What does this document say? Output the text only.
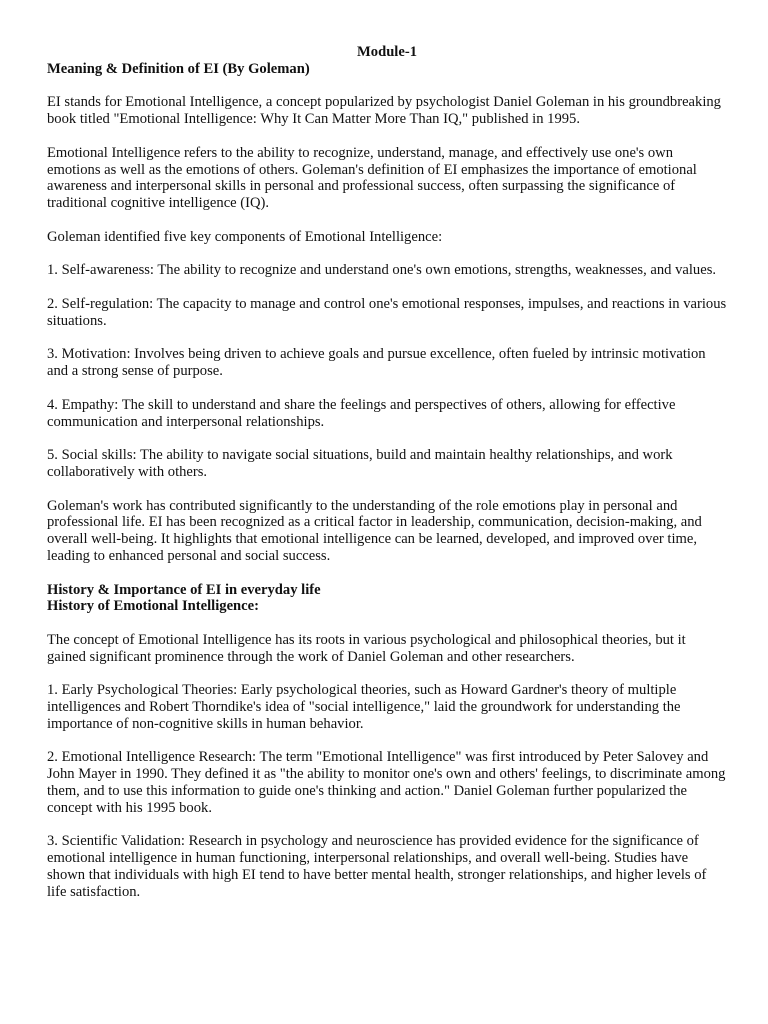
Module-1
Meaning & Definition of EI (By Goleman)

EI stands for Emotional Intelligence, a concept popularized by psychologist Daniel Goleman in his groundbreaking book titled "Emotional Intelligence: Why It Can Matter More Than IQ," published in 1995.

Emotional Intelligence refers to the ability to recognize, understand, manage, and effectively use one's own emotions as well as the emotions of others. Goleman's definition of EI emphasizes the importance of emotional awareness and interpersonal skills in personal and professional success, often surpassing the significance of traditional cognitive intelligence (IQ).

Goleman identified five key components of Emotional Intelligence:

1. Self-awareness: The ability to recognize and understand one's own emotions, strengths, weaknesses, and values.

2. Self-regulation: The capacity to manage and control one's emotional responses, impulses, and reactions in various situations.

3. Motivation: Involves being driven to achieve goals and pursue excellence, often fueled by intrinsic motivation and a strong sense of purpose.

4. Empathy: The skill to understand and share the feelings and perspectives of others, allowing for effective communication and interpersonal relationships.

5. Social skills: The ability to navigate social situations, build and maintain healthy relationships, and work collaboratively with others.

Goleman's work has contributed significantly to the understanding of the role emotions play in personal and professional life. EI has been recognized as a critical factor in leadership, communication, decision-making, and overall well-being. It highlights that emotional intelligence can be learned, developed, and improved over time, leading to enhanced personal and social success.

History & Importance of EI in everyday life
History of Emotional Intelligence:

The concept of Emotional Intelligence has its roots in various psychological and philosophical theories, but it gained significant prominence through the work of Daniel Goleman and other researchers.

1. Early Psychological Theories: Early psychological theories, such as Howard Gardner's theory of multiple intelligences and Robert Thorndike's idea of "social intelligence," laid the groundwork for understanding the importance of non-cognitive skills in human behavior.

2. Emotional Intelligence Research: The term "Emotional Intelligence" was first introduced by Peter Salovey and John Mayer in 1990. They defined it as "the ability to monitor one's own and others' feelings, to discriminate among them, and to use this information to guide one's thinking and action." Daniel Goleman further popularized the concept with his 1995 book.

3. Scientific Validation: Research in psychology and neuroscience has provided evidence for the significance of emotional intelligence in human functioning, interpersonal relationships, and overall well-being. Studies have shown that individuals with high EI tend to have better mental health, stronger relationships, and higher levels of life satisfaction.
